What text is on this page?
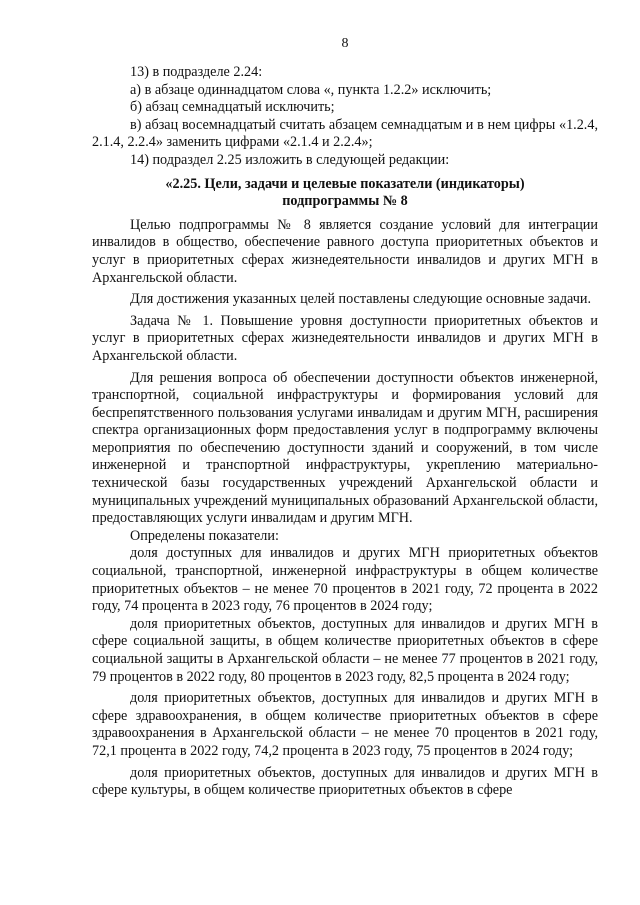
8

13) в подразделе 2.24:

а) в абзаце одиннадцатом слова «, пункта 1.2.2» исключить;

б) абзац семнадцатый исключить;

в) абзац восемнадцатый считать абзацем семнадцатым и в нем цифры «1.2.4, 2.1.4, 2.2.4» заменить цифрами «2.1.4 и 2.2.4»;

14) подраздел 2.25 изложить в следующей редакции:

«2.25. Цели, задачи и целевые показатели (индикаторы)
подпрограммы № 8

Целью подпрограммы № 8 является создание условий для интеграции инвалидов в общество, обеспечение равного доступа приоритетных объектов и услуг в приоритетных сферах жизнедеятельности инвалидов и других МГН в Архангельской области.

Для достижения указанных целей поставлены следующие основные задачи.

Задача № 1. Повышение уровня доступности приоритетных объектов и услуг в приоритетных сферах жизнедеятельности инвалидов и других МГН в Архангельской области.

Для решения вопроса об обеспечении доступности объектов инженерной, транспортной, социальной инфраструктуры и формирования условий для беспрепятственного пользования услугами инвалидам и другим МГН, расширения спектра организационных форм предоставления услуг в подпрограмму включены мероприятия по обеспечению доступности зданий и сооружений, в том числе инженерной и транспортной инфраструктуры, укреплению материально-технической базы государственных учреждений Архангельской области и муниципальных учреждений муниципальных образований Архангельской области, предоставляющих услуги инвалидам и другим МГН.

Определены показатели:

доля доступных для инвалидов и других МГН приоритетных объектов социальной, транспортной, инженерной инфраструктуры в общем количестве приоритетных объектов – не менее 70 процентов в 2021 году, 72 процента в 2022 году, 74 процента в 2023 году, 76 процентов в 2024 году;

доля приоритетных объектов, доступных для инвалидов и других МГН в сфере социальной защиты, в общем количестве приоритетных объектов в сфере социальной защиты в Архангельской области – не менее 77 процентов в 2021 году, 79 процентов в 2022 году, 80 процентов в 2023 году, 82,5 процента в 2024 году;

доля приоритетных объектов, доступных для инвалидов и других МГН в сфере здравоохранения, в общем количестве приоритетных объектов в сфере здравоохранения в Архангельской области – не менее 70 процентов в 2021 году, 72,1 процента в 2022 году, 74,2 процента в 2023 году, 75 процентов в 2024 году;

доля приоритетных объектов, доступных для инвалидов и других МГН в сфере культуры, в общем количестве приоритетных объектов в сфере
